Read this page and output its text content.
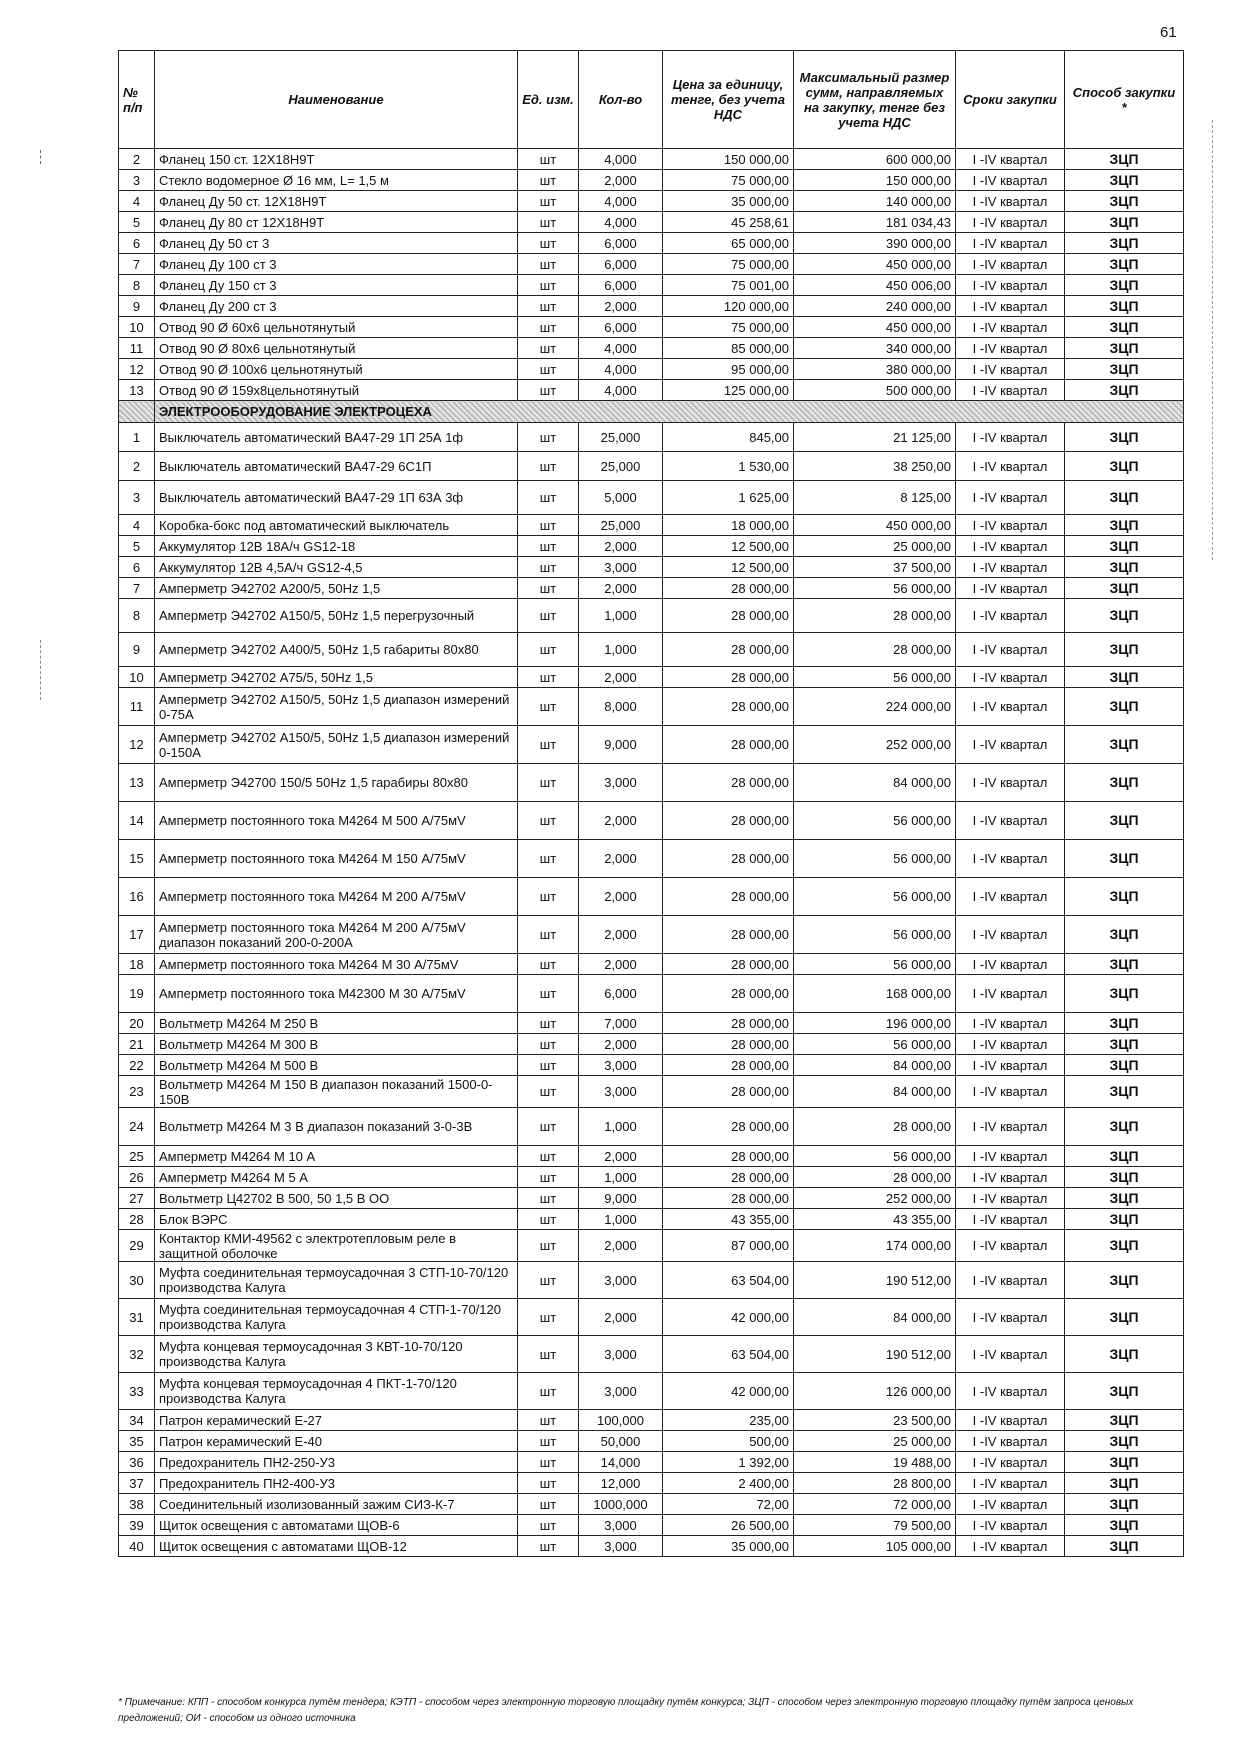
61
№ п/п	Наименование	Ед. изм.	Кол-во	Цена за единицу, тенге, без учета НДС	Максимальный размер сумм, направляемых на закупку, тенге без учета НДС	Сроки закупки	Способ закупки *
2	Фланец 150 ст. 12Х18Н9Т	шт	4,000	150 000,00	600 000,00	I -IV квартал	ЗЦП
3	Стекло водомерное Ø 16 мм, L= 1,5 м	шт	2,000	75 000,00	150 000,00	I -IV квартал	ЗЦП
4	Фланец Ду 50 ст. 12Х18Н9Т	шт	4,000	35 000,00	140 000,00	I -IV квартал	ЗЦП
5	Фланец Ду 80 ст 12Х18Н9Т	шт	4,000	45 258,61	181 034,43	I -IV квартал	ЗЦП
6	Фланец Ду 50 ст 3	шт	6,000	65 000,00	390 000,00	I -IV квартал	ЗЦП
7	Фланец Ду 100 ст 3	шт	6,000	75 000,00	450 000,00	I -IV квартал	ЗЦП
8	Фланец Ду 150 ст 3	шт	6,000	75 001,00	450 006,00	I -IV квартал	ЗЦП
9	Фланец Ду 200 ст 3	шт	2,000	120 000,00	240 000,00	I -IV квартал	ЗЦП
10	Отвод 90 Ø 60х6 цельнотянутый	шт	6,000	75 000,00	450 000,00	I -IV квартал	ЗЦП
11	Отвод 90 Ø 80х6 цельнотянутый	шт	4,000	85 000,00	340 000,00	I -IV квартал	ЗЦП
12	Отвод 90 Ø 100х6 цельнотянутый	шт	4,000	95 000,00	380 000,00	I -IV квартал	ЗЦП
13	Отвод 90 Ø 159х8цельнотянутый	шт	4,000	125 000,00	500 000,00	I -IV квартал	ЗЦП
	ЭЛЕКТРООБОРУДОВАНИЕ ЭЛЕКТРОЦЕХА						
1	Выключатель автоматический ВА47-29 1П 25А 1ф	шт	25,000	845,00	21 125,00	I -IV квартал	ЗЦП
2	Выключатель автоматический ВА47-29 6С1П	шт	25,000	1 530,00	38 250,00	I -IV квартал	ЗЦП
3	Выключатель автоматический ВА47-29 1П 63А 3ф	шт	5,000	1 625,00	8 125,00	I -IV квартал	ЗЦП
4	Коробка-бокс под автоматический выключатель	шт	25,000	18 000,00	450 000,00	I -IV квартал	ЗЦП
5	Аккумулятор 12В 18А/ч GS12-18	шт	2,000	12 500,00	25 000,00	I -IV квартал	ЗЦП
6	Аккумулятор 12В 4,5А/ч GS12-4,5	шт	3,000	12 500,00	37 500,00	I -IV квартал	ЗЦП
7	Амперметр Э42702 А200/5, 50Hz 1,5	шт	2,000	28 000,00	56 000,00	I -IV квартал	ЗЦП
8	Амперметр Э42702 А150/5, 50Hz 1,5 перегрузочный	шт	1,000	28 000,00	28 000,00	I -IV квартал	ЗЦП
9	Амперметр Э42702 А400/5, 50Hz 1,5 габариты 80х80	шт	1,000	28 000,00	28 000,00	I -IV квартал	ЗЦП
10	Амперметр Э42702 А75/5, 50Hz 1,5	шт	2,000	28 000,00	56 000,00	I -IV квартал	ЗЦП
11	Амперметр Э42702 А150/5, 50Hz 1,5 диапазон измерений 0-75А	шт	8,000	28 000,00	224 000,00	I -IV квартал	ЗЦП
12	Амперметр Э42702 А150/5, 50Hz 1,5 диапазон измерений 0-150А	шт	9,000	28 000,00	252 000,00	I -IV квартал	ЗЦП
13	Амперметр Э42700 150/5 50Hz 1,5 гарабиры 80х80	шт	3,000	28 000,00	84 000,00	I -IV квартал	ЗЦП
14	Амперметр постоянного тока М4264 М 500 А/75мV	шт	2,000	28 000,00	56 000,00	I -IV квартал	ЗЦП
15	Амперметр постоянного тока М4264 М 150 А/75мV	шт	2,000	28 000,00	56 000,00	I -IV квартал	ЗЦП
16	Амперметр постоянного тока М4264 М 200 А/75мV	шт	2,000	28 000,00	56 000,00	I -IV квартал	ЗЦП
17	Амперметр постоянного тока М4264 М 200 А/75мV диапазон показаний 200-0-200А	шт	2,000	28 000,00	56 000,00	I -IV квартал	ЗЦП
18	Амперметр постоянного тока М4264 М 30 А/75мV	шт	2,000	28 000,00	56 000,00	I -IV квартал	ЗЦП
19	Амперметр постоянного тока М42300 М 30 А/75мV	шт	6,000	28 000,00	168 000,00	I -IV квартал	ЗЦП
20	Вольтметр М4264 М 250 В	шт	7,000	28 000,00	196 000,00	I -IV квартал	ЗЦП
21	Вольтметр М4264 М 300 В	шт	2,000	28 000,00	56 000,00	I -IV квартал	ЗЦП
22	Вольтметр М4264 М 500 В	шт	3,000	28 000,00	84 000,00	I -IV квартал	ЗЦП
23	Вольтметр М4264 М 150 В диапазон показаний 1500-0-150В	шт	3,000	28 000,00	84 000,00	I -IV квартал	ЗЦП
24	Вольтметр М4264 М 3 В диапазон показаний 3-0-3В	шт	1,000	28 000,00	28 000,00	I -IV квартал	ЗЦП
25	Амперметр М4264 М 10 А	шт	2,000	28 000,00	56 000,00	I -IV квартал	ЗЦП
26	Амперметр М4264 М 5 А	шт	1,000	28 000,00	28 000,00	I -IV квартал	ЗЦП
27	Вольтметр Ц42702 В 500, 50 1,5 В ОО	шт	9,000	28 000,00	252 000,00	I -IV квартал	ЗЦП
28	Блок ВЭРС	шт	1,000	43 355,00	43 355,00	I -IV квартал	ЗЦП
29	Контактор КМИ-49562 с электротепловым реле в защитной оболочке	шт	2,000	87 000,00	174 000,00	I -IV квартал	ЗЦП
30	Муфта соединительная термоусадочная 3 СТП-10-70/120 производства Калуга	шт	3,000	63 504,00	190 512,00	I -IV квартал	ЗЦП
31	Муфта соединительная термоусадочная 4 СТП-1-70/120 производства Калуга	шт	2,000	42 000,00	84 000,00	I -IV квартал	ЗЦП
32	Муфта концевая термоусадочная 3 КВТ-10-70/120 производства Калуга	шт	3,000	63 504,00	190 512,00	I -IV квартал	ЗЦП
33	Муфта концевая термоусадочная 4 ПКТ-1-70/120 производства Калуга	шт	3,000	42 000,00	126 000,00	I -IV квартал	ЗЦП
34	Патрон керамический Е-27	шт	100,000	235,00	23 500,00	I -IV квартал	ЗЦП
35	Патрон керамический Е-40	шт	50,000	500,00	25 000,00	I -IV квартал	ЗЦП
36	Предохранитель ПН2-250-У3	шт	14,000	1 392,00	19 488,00	I -IV квартал	ЗЦП
37	Предохранитель ПН2-400-У3	шт	12,000	2 400,00	28 800,00	I -IV квартал	ЗЦП
38	Соединительный изолизованный зажим СИЗ-К-7	шт	1000,000	72,00	72 000,00	I -IV квартал	ЗЦП
39	Щиток освещения с автоматами ЩОВ-6	шт	3,000	26 500,00	79 500,00	I -IV квартал	ЗЦП
40	Щиток освещения с автоматами ЩОВ-12	шт	3,000	35 000,00	105 000,00	I -IV квартал	ЗЦП
* Примечание: КПП - способом конкурса путём тендера; КЭТП - способом через электронную торговую площадку путём конкурса; ЗЦП - способом через электронную торговую площадку путём запроса ценовых предложений; ОИ - способом из одного источника
